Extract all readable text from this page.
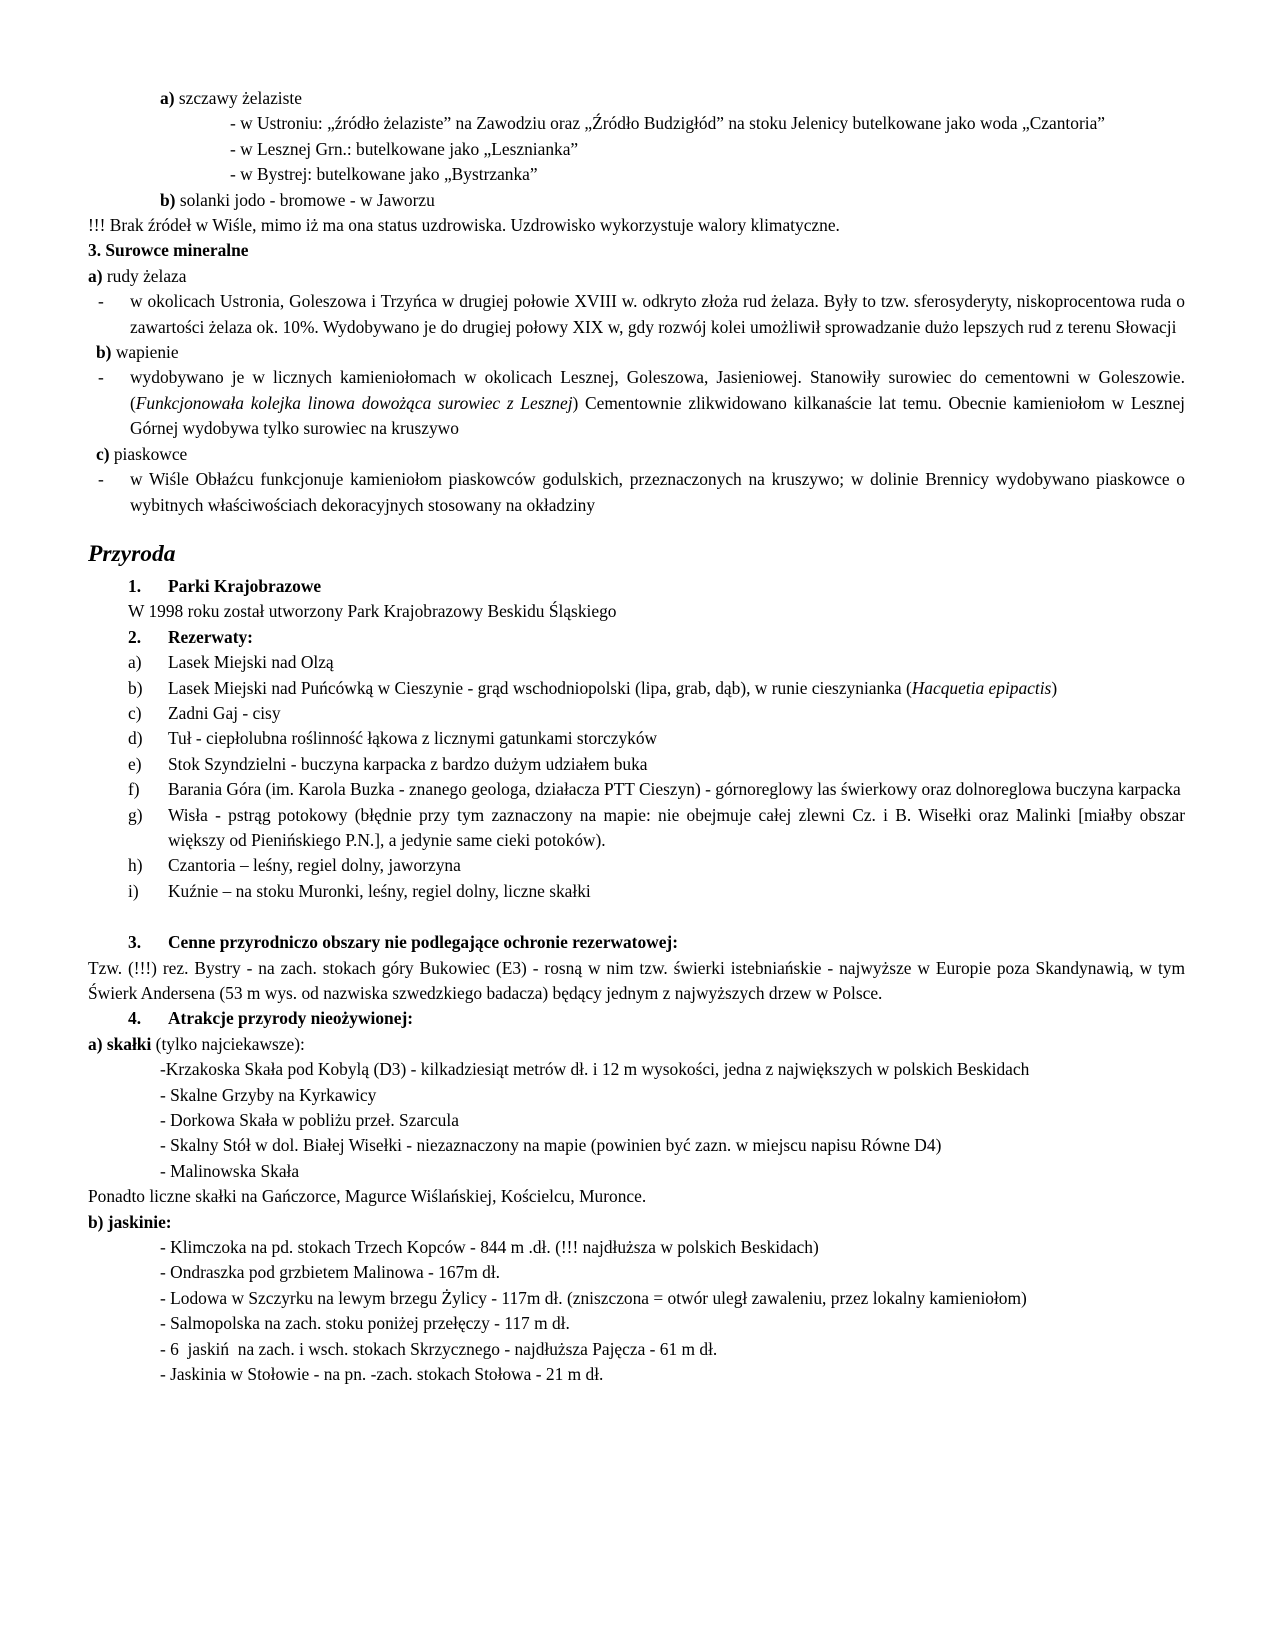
a) szczawy żelaziste
- w Ustroniu: „źródło żelaziste” na Zawodziu oraz „Źródło Budzigłód” na stoku Jelenicy butelkowane jako woda „Czantoria”
- w Lesznej Grn.: butelkowane jako „Lesznianka”
- w Bystrej: butelkowane jako „Bystrzanka”
b) solanki jodo - bromowe - w Jaworzu
!!! Brak źródeł w Wiśle, mimo iż ma ona status uzdrowiska. Uzdrowisko wykorzystuje walory klimatyczne.
3. Surowce mineralne
a) rudy żelaza
-	w okolicach Ustronia, Goleszowa i Trzyńca w drugiej połowie XVIII w. odkryto złoża rud żelaza. Były to tzw. sferosyderyty, niskoprocentowa ruda o zawartości żelaza ok. 10%. Wydobywano je do drugiej połowy XIX w, gdy rozwój kolei umożliwił sprowadzanie dużo lepszych rud z terenu Słowacji
b) wapienie
-	wydobywano je w licznych kamieniołomach w okolicach Lesznej, Goleszowa, Jasieniowej. Stanowiły surowiec do cementowni w Goleszowie. (Funkcjonowała kolejka linowa dowożąca surowiec z Lesznej) Cementownie zlikwidowano kilkanaście lat temu. Obecnie kamieniołom w Lesznej Górnej wydobywa tylko surowiec na kruszywo
c) piaskowce
-	w Wiśle Obłaźcu funkcjonuje kamieniołom piaskowców godulskich, przeznaczonych na kruszywo; w dolinie Brennicy wydobywano piaskowce o wybitnych właściwościach dekoracyjnych stosowany na okładziny
Przyroda
1.	Parki Krajobrazowe
W 1998 roku został utworzony Park Krajobrazowy Beskidu Śląskiego
2.	Rezerwaty:
a)	Lasek Miejski nad Olzą
b)	Lasek Miejski nad Puńcówką w Cieszynie - grąd wschodniopolski (lipa, grab, dąb), w runie cieszynianka (Hacquetia epipactis)
c)	Zadni Gaj - cisy
d)	Tuł - ciepłolubna roślinność łąkowa z licznymi gatunkami storczyków
e)	Stok Szyndzielni - buczyna karpacka z bardzo dużym udziałem buka
f)	Barania Góra (im. Karola Buzka - znanego geologa, działacza PTT Cieszyn) - górnoreglowy las świerkowy oraz dolnoreglowa buczyna karpacka
g)	Wisła - pstrąg potokowy (błędnie przy tym zaznaczony na mapie: nie obejmuje całej zlewni Cz. i B. Wisełki oraz Malinki [miałby obszar większy od Pienińskiego P.N.], a jedynie same cieki potoków).
h)	Czantoria – leśny, regiel dolny, jaworzyna
i)	Kuźnie – na stoku Muronki, leśny, regiel dolny, liczne skałki
3.	Cenne przyrodniczo obszary nie podlegające ochronie rezerwatowej:
Tzw. (!!!) rez. Bystry - na zach. stokach góry Bukowiec (E3) - rosną w nim tzw. świerki istebniańskie - najwyższe w Europie poza Skandynawią, w tym Świerk Andersena (53 m wys. od nazwiska szwedzkiego badacza) będący jednym z najwyższych drzew w Polsce.
4.	Atrakcje przyrody nieożywionej:
a) skałki (tylko najciekawsze):
-Krzakoska Skała pod Kobylą (D3) - kilkadziesiąt metrów dł. i 12 m wysokości, jedna z największych w polskich Beskidach
- Skalne Grzyby na Kyrkawicy
- Dorkowa Skała w pobliżu przeł. Szarcula
- Skalny Stół w dol. Białej Wisełki - niezaznaczony na mapie (powinien być zazn. w miejscu napisu Równe D4)
- Malinowska Skała
Ponadto liczne skałki na Gańczorce, Magurce Wiślańskiej, Kościelcu, Muronce.
b) jaskinie:
- Klimczoka na pd. stokach Trzech Kopców - 844 m .dł. (!!! najdłuższa w polskich Beskidach)
- Ondraszka pod grzbietem Malinowa - 167m dł.
- Lodowa w Szczyrku na lewym brzegu Żylicy - 117m dł. (zniszczona = otwór uległ zawaleniu, przez lokalny kamieniołom)
- Salmopolska na zach. stoku poniżej przełęczy - 117 m dł.
- 6  jaskiń  na zach. i wsch. stokach Skrzycznego - najdłuższa Pajęcza - 61 m dł.
- Jaskinia w Stołowie - na pn. -zach. stokach Stołowa - 21 m dł.
